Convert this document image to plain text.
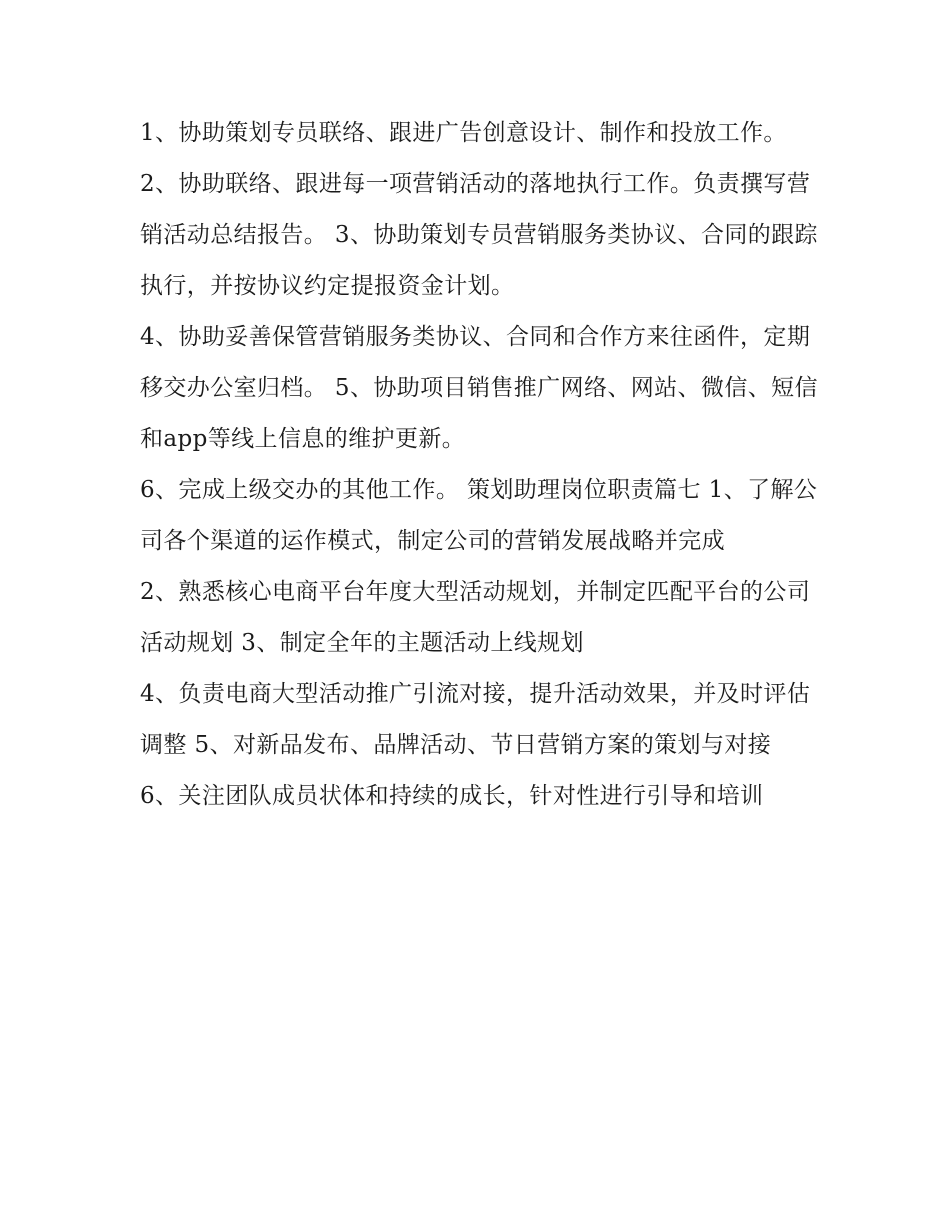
1、协助策划专员联络、跟进广告创意设计、制作和投放工作。

2、协助联络、跟进每一项营销活动的落地执行工作。负责撰写营销活动总结报告。 3、协助策划专员营销服务类协议、合同的跟踪执行，并按协议约定提报资金计划。

4、协助妥善保管营销服务类协议、合同和合作方来往函件，定期移交办公室归档。 5、协助项目销售推广网络、网站、微信、短信和app等线上信息的维护更新。

6、完成上级交办的其他工作。 策划助理岗位职责篇七 1、了解公司各个渠道的运作模式，制定公司的营销发展战略并完成

2、熟悉核心电商平台年度大型活动规划，并制定匹配平台的公司活动规划 3、制定全年的主题活动上线规划

4、负责电商大型活动推广引流对接，提升活动效果，并及时评估调整 5、对新品发布、品牌活动、节日营销方案的策划与对接

6、关注团队成员状体和持续的成长，针对性进行引导和培训
